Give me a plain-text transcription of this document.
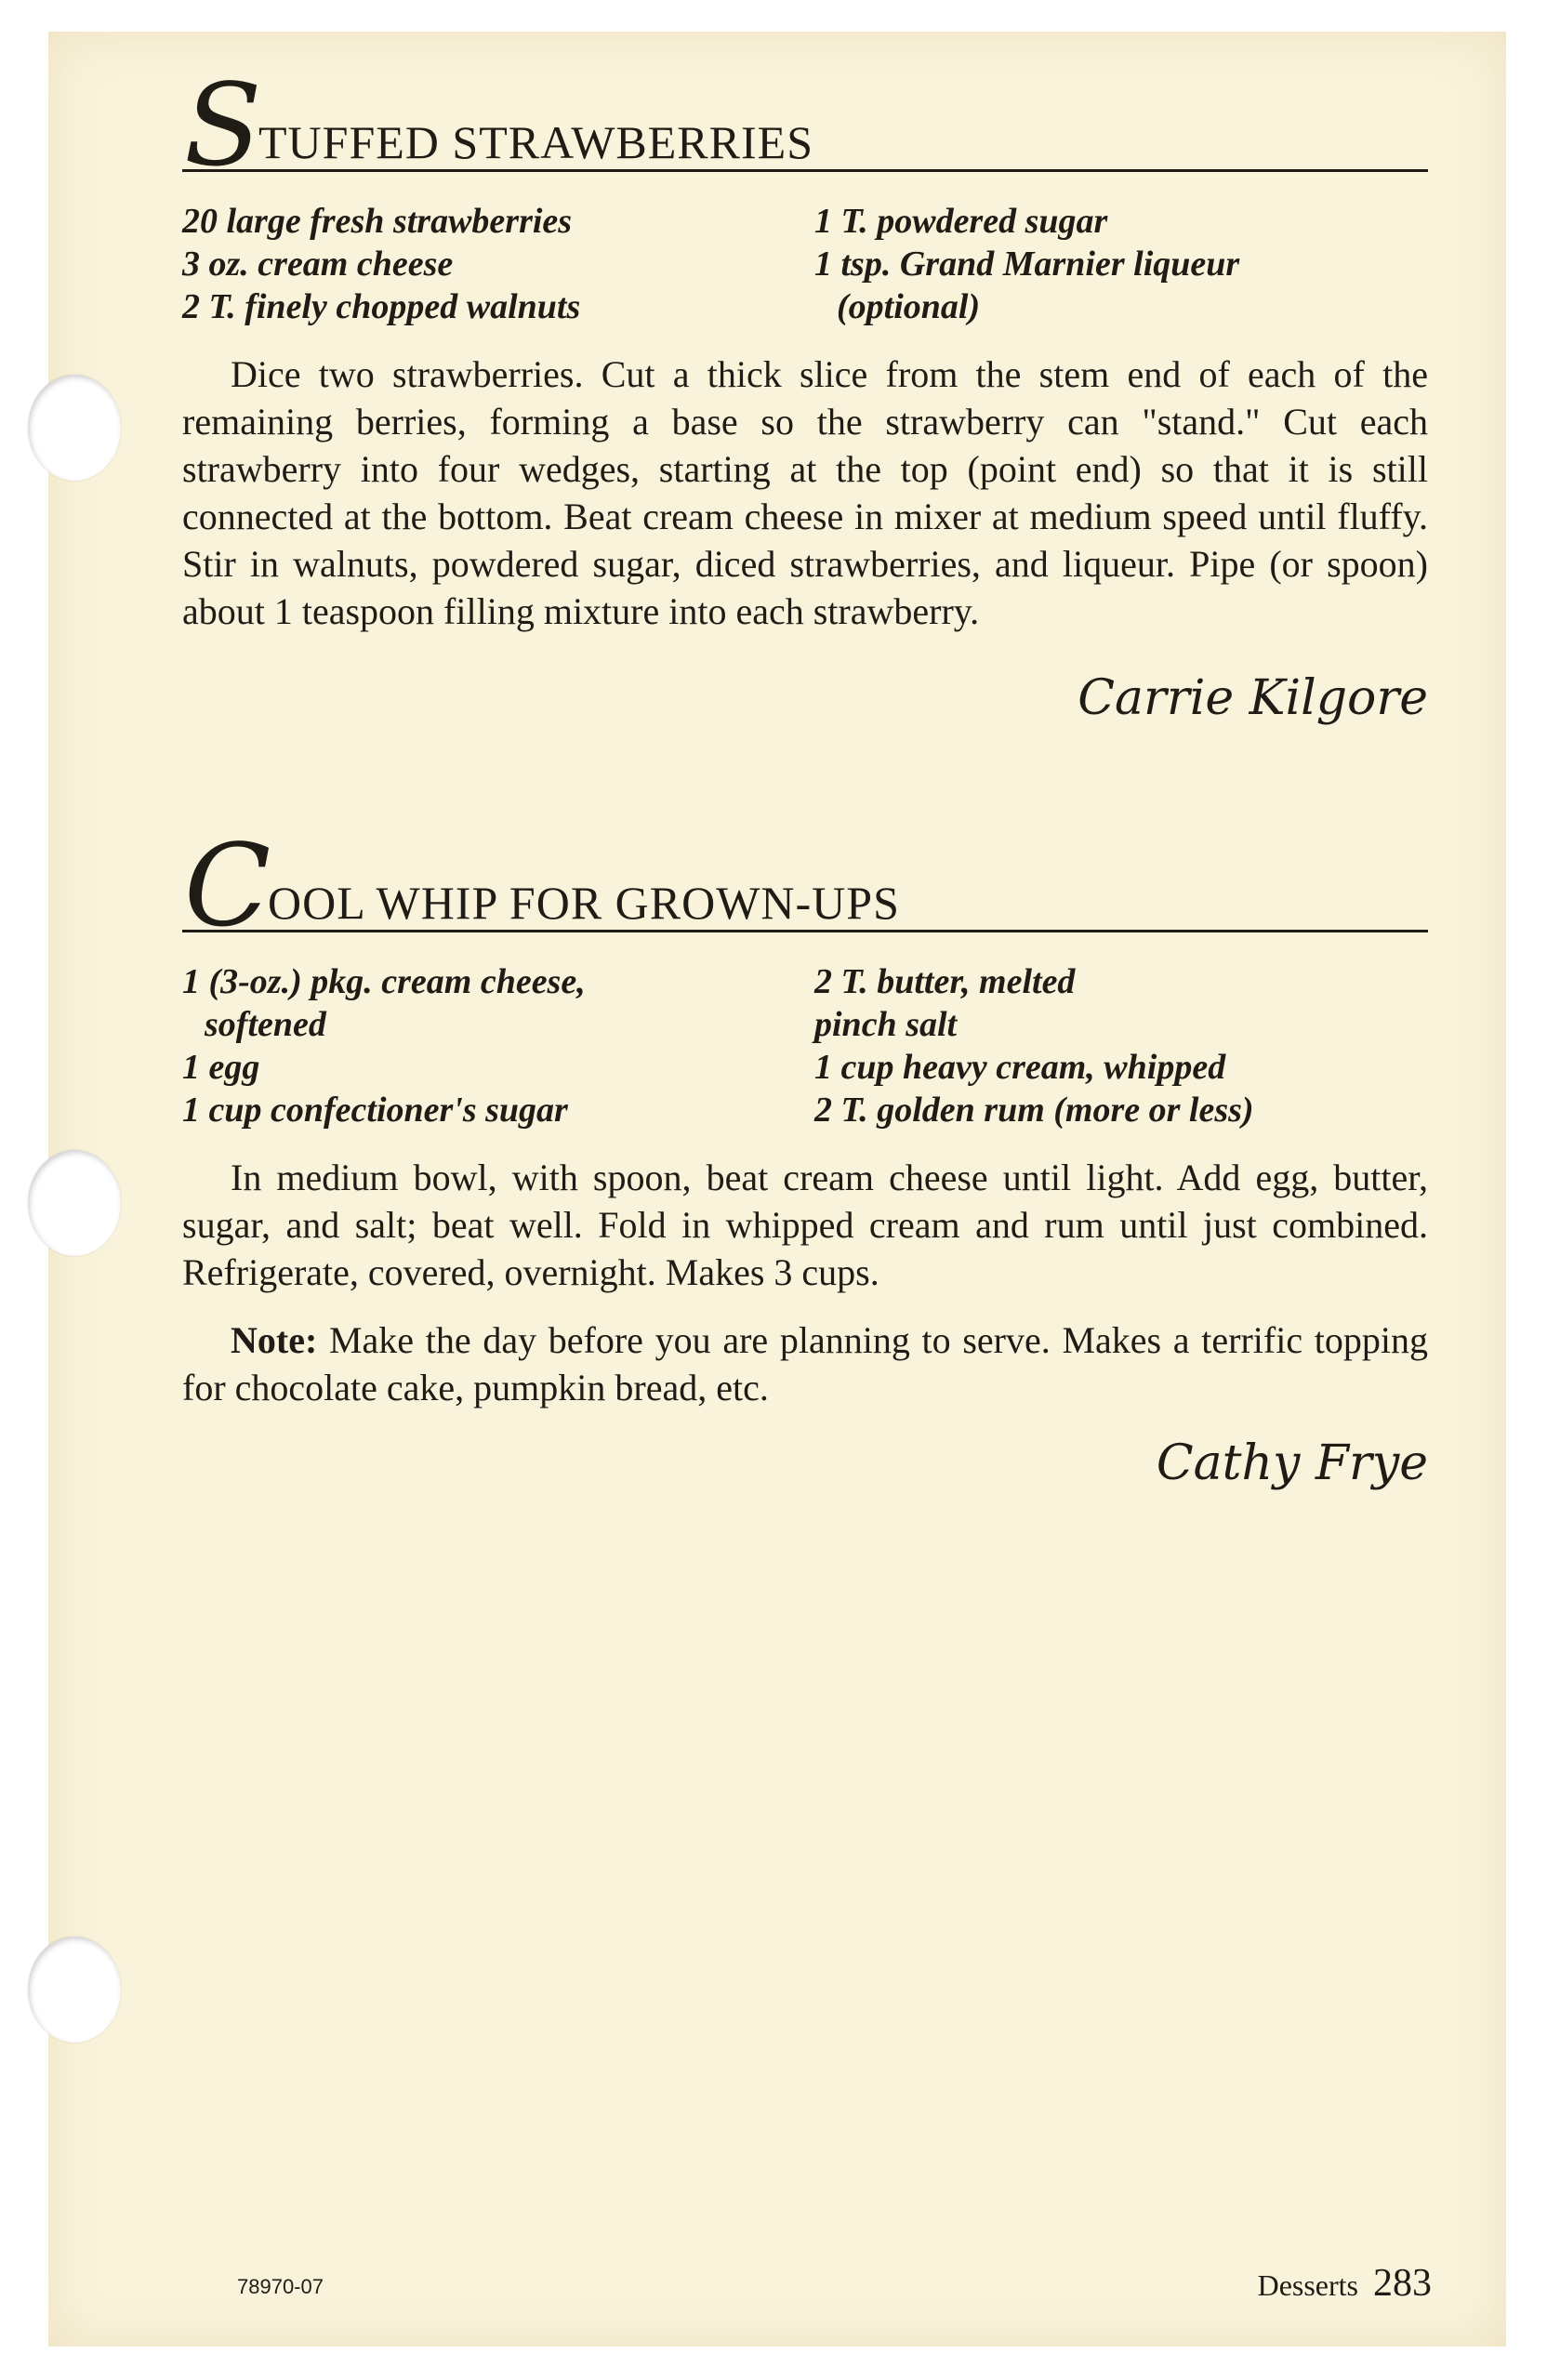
S
TUFFED STRAWBERRIES
20 large fresh strawberries
3 oz. cream cheese
2 T. finely chopped walnuts
1 T. powdered sugar
1 tsp. Grand Marnier liqueur
(optional)
Dice two strawberries. Cut a thick slice from the stem end of each of the remaining berries, forming a base so the strawberry can "stand." Cut each strawberry into four wedges, starting at the top (point end) so that it is still connected at the bottom. Beat cream cheese in mixer at medium speed until fluffy. Stir in walnuts, powdered sugar, diced strawberries, and liqueur. Pipe (or spoon) about 1 teaspoon filling mixture into each strawberry.
Carrie Kilgore
C
OOL WHIP FOR GROWN-UPS
1 (3-oz.) pkg. cream cheese,
softened
1 egg
1 cup confectioner's sugar
2 T. butter, melted
pinch salt
1 cup heavy cream, whipped
2 T. golden rum (more or less)
In medium bowl, with spoon, beat cream cheese until light. Add egg, butter, sugar, and salt; beat well. Fold in whipped cream and rum until just combined. Refrigerate, covered, overnight. Makes 3 cups.
Note: Make the day before you are planning to serve. Makes a terrific topping for chocolate cake, pumpkin bread, etc.
Cathy Frye
78970-07	Desserts 283
